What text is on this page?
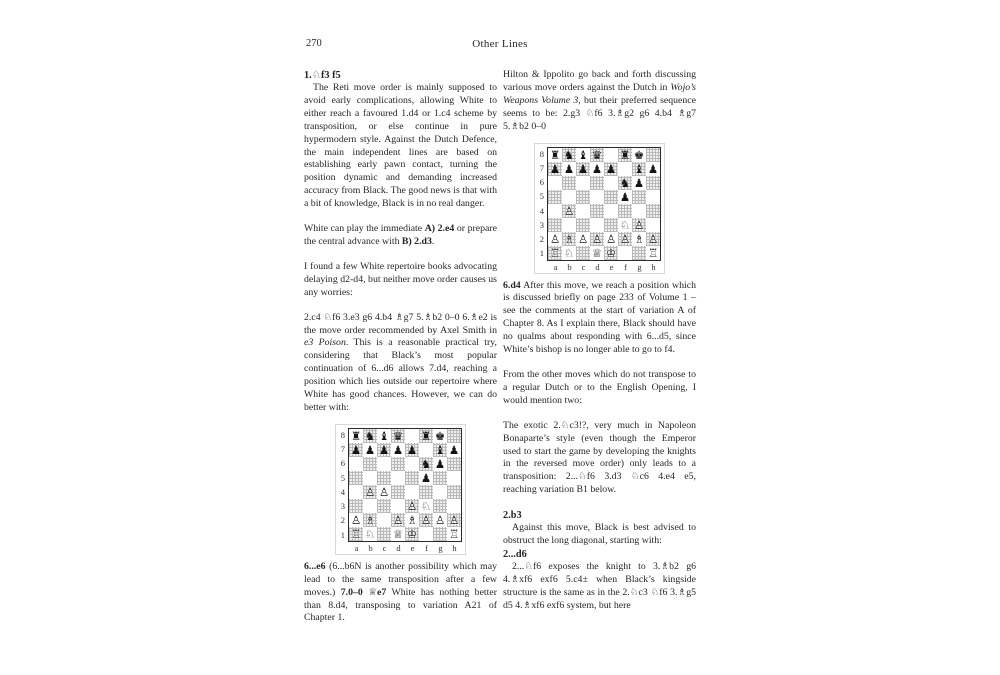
270	Other Lines
1.♘f3 f5

The Reti move order is mainly supposed to avoid early complications, allowing White to either reach a favoured 1.d4 or 1.c4 scheme by transposition, or else continue in pure hypermodern style. Against the Dutch Defence, the main independent lines are based on establishing early pawn contact, turning the position dynamic and demanding increased accuracy from Black. The good news is that with a bit of knowledge, Black is in no real danger.

White can play the immediate A) 2.e4 or prepare the central advance with B) 2.d3.

I found a few White repertoire books advocating delaying d2-d4, but neither move order causes us any worries:

2.c4 ♘f6 3.e3 g6 4.b4 ♗g7 5.♗b2 0–0 6.♗e2 is the move order recommended by Axel Smith in e3 Poison. This is a reasonable practical try, considering that Black’s most popular continuation of 6...d6 allows 7.d4, reaching a position which lies outside our repertoire where White has good chances. However, we can do better with:

8
7
6
5
4
3
2
1
♜ ♞ ♝ ♛ ♜ ♚
♟ ♟ ♟ ♟ ♟ ♝ ♟
♞ ♟
♟
♙ ♙
♙ ♘
♙ ♗ ♙ ♗ ♙ ♙ ♙
♖ ♘ ♕ ♔	♖
a	b	c	d	e	f	g	h

6...e6 (6...b6N is another possibility which may lead to the same transposition after a few moves.) 7.0–0 ♕e7 White has nothing better than 8.d4, transposing to variation A21 of Chapter 1.

Hilton & Ippolito go back and forth discussing various move orders against the Dutch in Wojo’s Weapons Volume 3, but their preferred sequence seems to be: 2.g3 ♘f6 3.♗g2 g6 4.b4 ♗g7 5.♗b2 0–0

8
7
6
5
4
3
2
1
♜ ♞ ♝ ♛ ♜ ♚
♟ ♟ ♟ ♟ ♟ ♝ ♟
♞ ♟
♟
♙
♘ ♙
♙ ♗ ♙ ♙ ♙ ♙ ♗ ♙
♖ ♘ ♕ ♔	♖
a	b	c	d	e	f	g	h

6.d4 After this move, we reach a position which is discussed briefly on page 233 of Volume 1 – see the comments at the start of variation A of Chapter 8. As I explain there, Black should have no qualms about responding with 6...d5, since White’s bishop is no longer able to go to f4.

From the other moves which do not transpose to a regular Dutch or to the English Opening, I would mention two:

The exotic 2.♘c3!?, very much in Napoleon Bonaparte’s style (even though the Emperor used to start the game by developing the knights in the reversed move order) only leads to a transposition: 2...♘f6 3.d3 ♘c6 4.e4 e5, reaching variation B1 below.

2.b3

Against this move, Black is best advised to obstruct the long diagonal, starting with:

2...d6

2...♘f6 exposes the knight to 3.♗b2 g6 4.♗xf6 exf6 5.c4± when Black’s kingside structure is the same as in the 2.♘c3 ♘f6 3.♗g5 d5 4.♗xf6 exf6 system, but here
